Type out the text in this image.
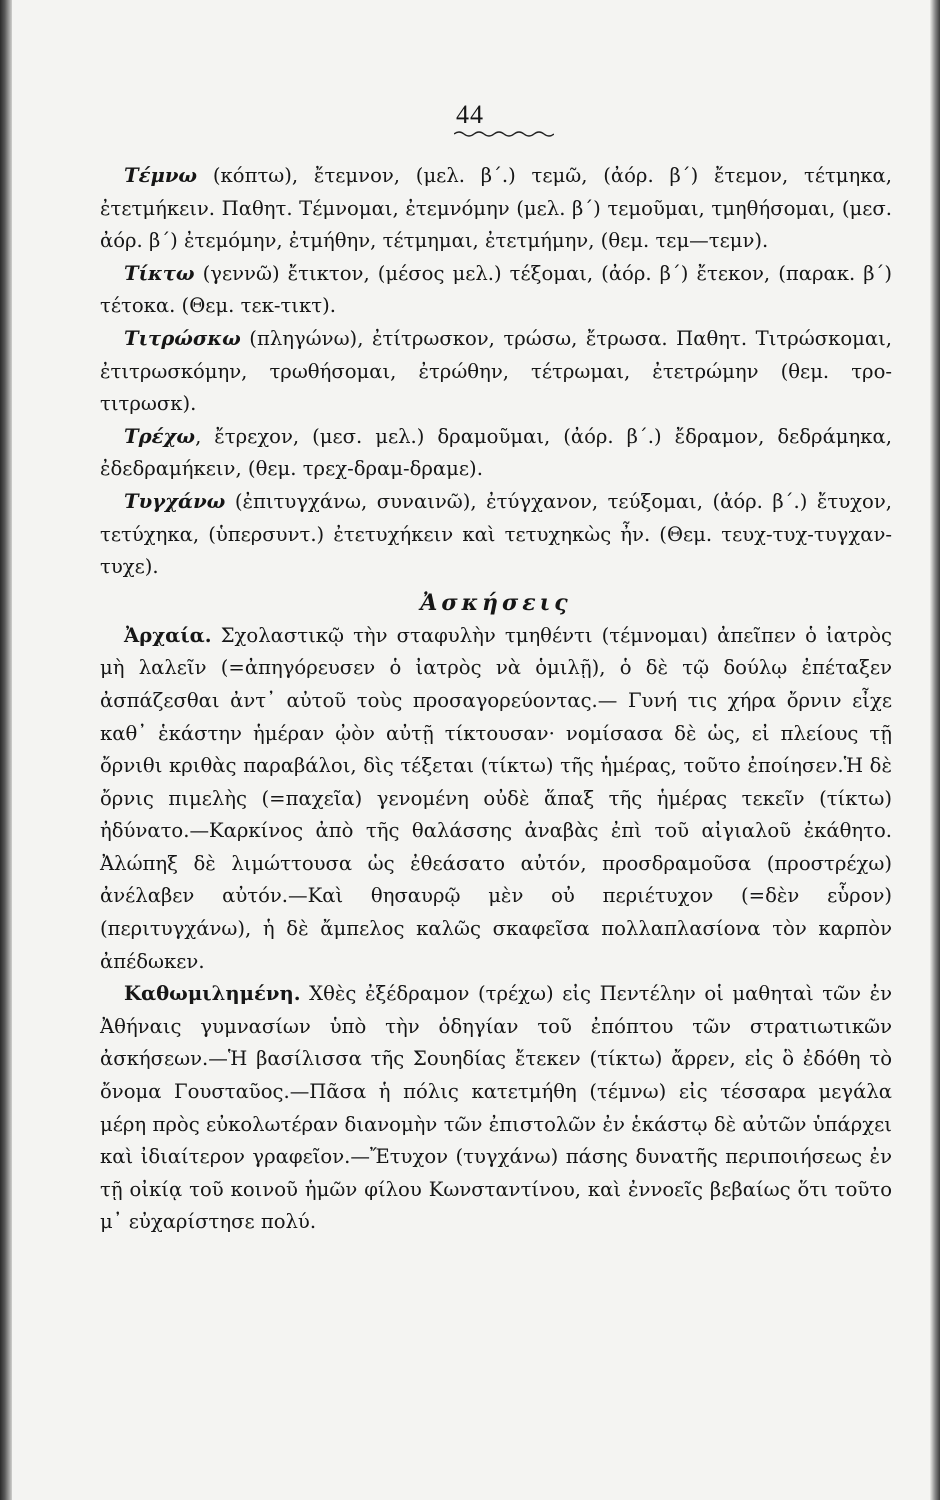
44

Τέμνω (κόπτω), ἔτεμνον, (μελ. β΄.) τεμῶ, (ἀόρ. β΄) ἔτεμον, τέτμηκα, ἐτετμήκειν. Παθητ. Τέμνομαι, ἐτεμνόμην (μελ. β΄) τεμοῦμαι, τμηθήσομαι, (μεσ. ἀόρ. β΄) ἐτεμόμην, ἐτμήθην, τέτμημαι, ἐτετμήμην, (θεμ. τεμ—τεμν).

Τίκτω (γεννῶ) ἔτικτον, (μέσος μελ.) τέξομαι, (ἀόρ. β΄) ἔτεκον, (παρακ. β΄) τέτοκα. (Θεμ. τεκ-τικτ).

Τιτρώσκω (πληγώνω), ἐτίτρωσκον, τρώσω, ἔτρωσα. Παθητ. Τιτρώσκομαι, ἐτιτρωσκόμην, τρωθήσομαι, ἐτρώθην, τέτρωμαι, ἐτετρώμην (θεμ. τρο-τιτρωσκ).

Τρέχω, ἔτρεχον, (μεσ. μελ.) δραμοῦμαι, (ἀόρ. β΄.) ἔδραμον, δεδράμηκα, ἐδεδραμήκειν, (θεμ. τρεχ-δραμ-δραμε).

Τυγχάνω (ἐπιτυγχάνω, συναινῶ), ἐτύγχανον, τεύξομαι, (ἀόρ. β΄.) ἔτυχον, τετύχηκα, (ὑπερσυντ.) ἐτετυχήκειν καὶ τετυχηκὼς ἦν. (Θεμ. τευχ-τυχ-τυγχαν-τυχε).

Ἀσκήσεις

Ἀρχαία. Σχολαστικῷ τὴν σταφυλὴν τμηθέντι (τέμνομαι) ἀπεῖπεν ὁ ἰατρὸς μὴ λαλεῖν (=ἀπηγόρευσεν ὁ ἰατρὸς νὰ ὁμιλῇ), ὁ δὲ τῷ δούλῳ ἐπέταξεν ἀσπάζεσθαι ἀντ᾽ αὐτοῦ τοὺς προσαγορεύοντας.— Γυνή τις χήρα ὄρνιν εἶχε καθ᾽ ἑκάστην ἡμέραν ᾠὸν αὐτῇ τίκτουσαν· νομίσασα δὲ ὡς, εἰ πλείους τῇ ὄρνιθι κριθὰς παραβάλοι, δὶς τέξεται (τίκτω) τῆς ἡμέρας, τοῦτο ἐποίησεν.Ἡ δὲ ὄρνις πιμελὴς (=παχεῖα) γενομένη οὐδὲ ἅπαξ τῆς ἡμέρας τεκεῖν (τίκτω) ἠδύνατο.—Καρκίνος ἀπὸ τῆς θαλάσσης ἀναβὰς ἐπὶ τοῦ αἰγιαλοῦ ἐκάθητο. Ἀλώπηξ δὲ λιμώττουσα ὡς ἐθεάσατο αὐτόν, προσδραμοῦσα (προστρέχω) ἀνέλαβεν αὐτόν.—Καὶ θησαυρῷ μὲν οὐ περιέτυχον (=δὲν εὗρον) (περιτυγχάνω), ἡ δὲ ἄμπελος καλῶς σκαφεῖσα πολλαπλασίονα τὸν καρπὸν ἀπέδωκεν.

Καθωμιλημένη. Χθὲς ἐξέδραμον (τρέχω) εἰς Πεντέλην οἱ μαθηταὶ τῶν ἐν Ἀθήναις γυμνασίων ὑπὸ τὴν ὁδηγίαν τοῦ ἐπόπτου τῶν στρατιωτικῶν ἀσκήσεων.—Ἡ βασίλισσα τῆς Σουηδίας ἔτεκεν (τίκτω) ἄρρεν, εἰς ὃ ἐδόθη τὸ ὄνομα Γουσταῦος.—Πᾶσα ἡ πόλις κατετμήθη (τέμνω) εἰς τέσσαρα μεγάλα μέρη πρὸς εὐκολωτέραν διανομὴν τῶν ἐπιστολῶν ἐν ἑκάστῳ δὲ αὐτῶν ὑπάρχει καὶ ἰδιαίτερον γραφεῖον.—Ἔτυχον (τυγχάνω) πάσης δυνατῆς περιποιήσεως ἐν τῇ οἰκίᾳ τοῦ κοινοῦ ἡμῶν φίλου Κωνσταντίνου, καὶ ἐννοεῖς βεβαίως ὅτι τοῦτο μ᾽ εὐχαρίστησε πολύ.
